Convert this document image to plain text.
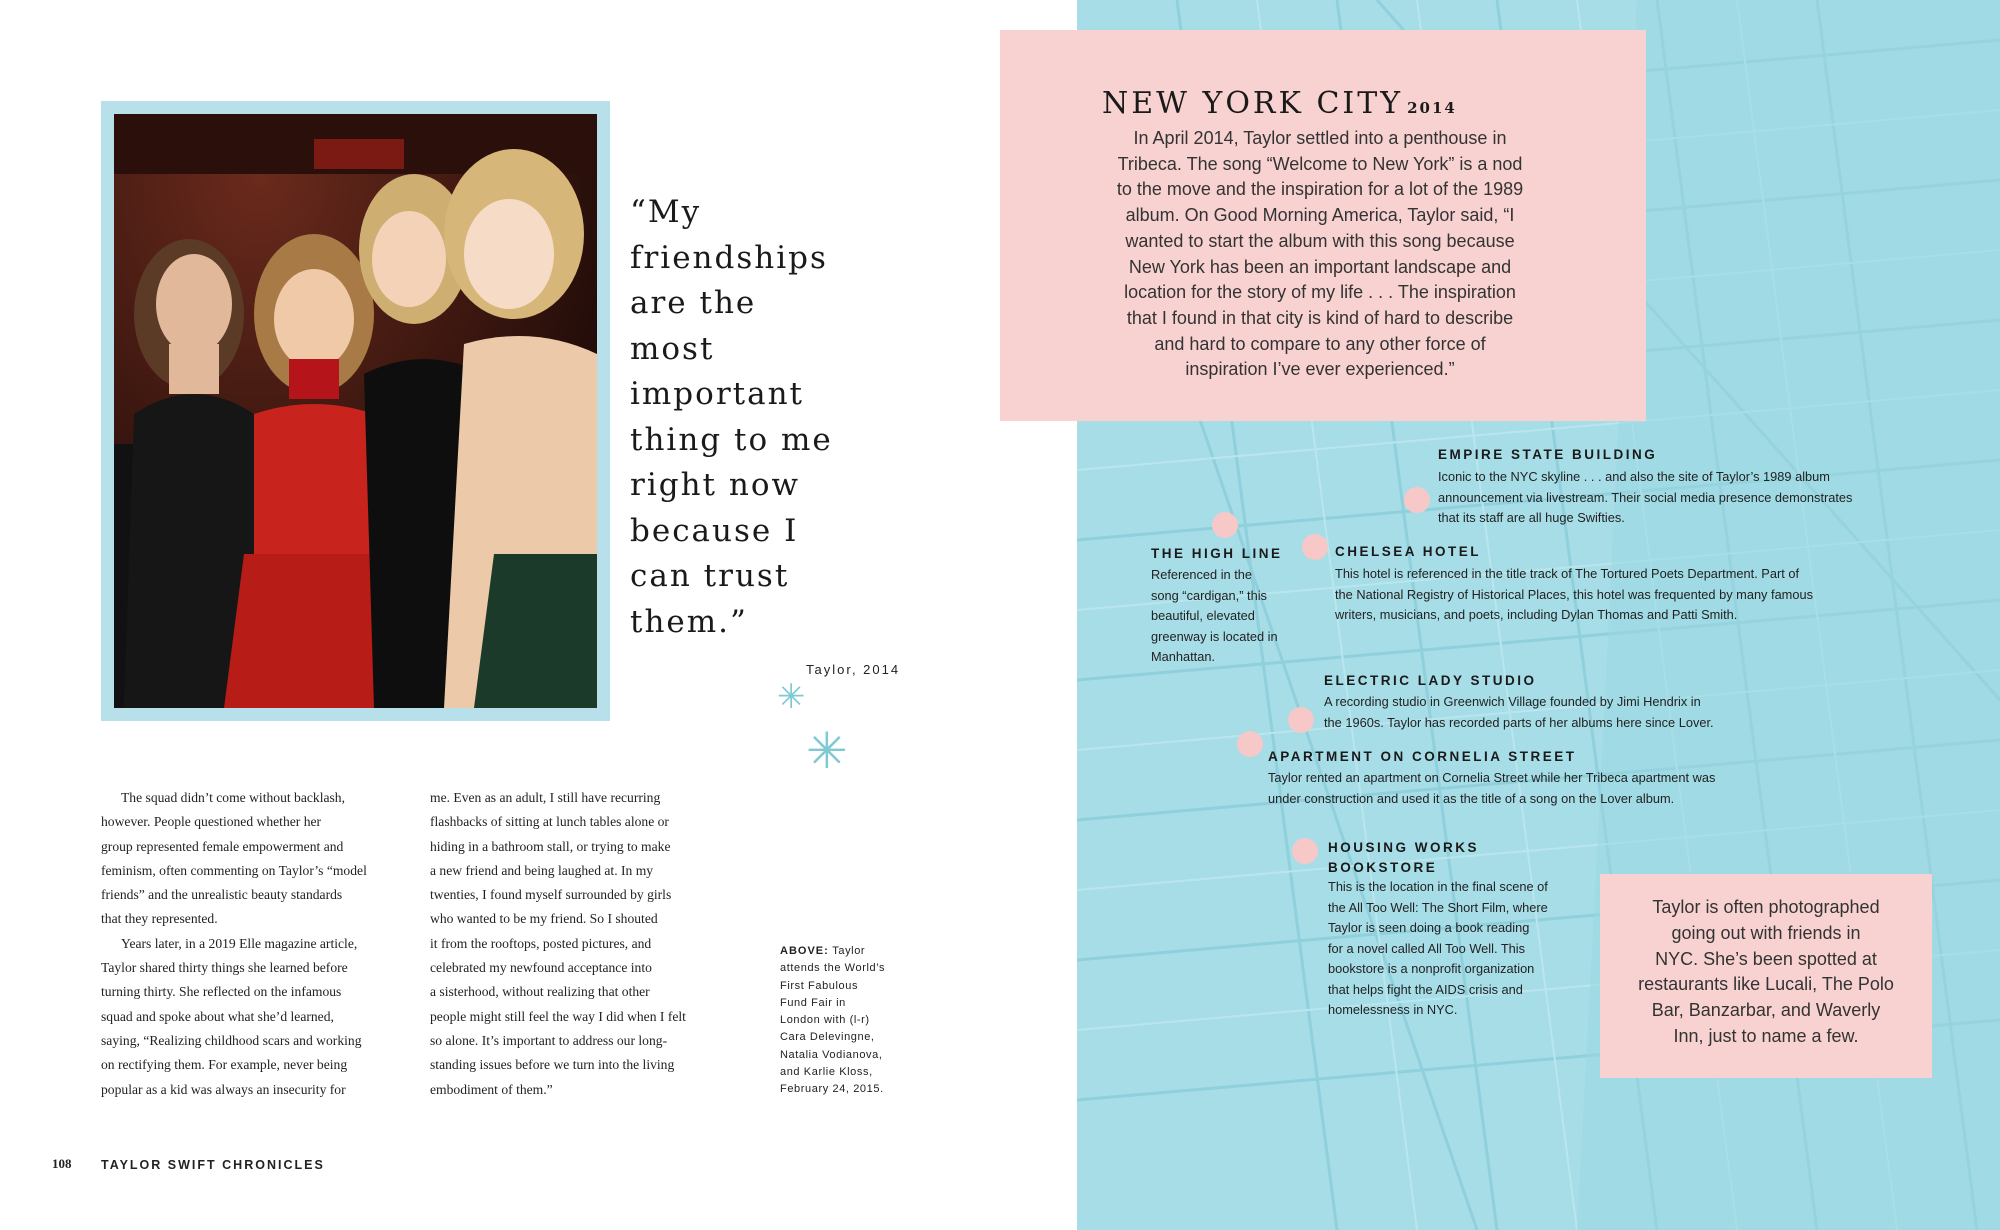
“My
friendships
are the
most
important
thing to me
right now
because I
can trust
them.”
Taylor, 2014
✳
✳

The squad didn’t come without backlash,

however. People questioned whether her

group represented female empowerment and

feminism, often commenting on Taylor’s “model

friends” and the unrealistic beauty standards

that they represented.

Years later, in a 2019 Elle magazine article,

Taylor shared thirty things she learned before

turning thirty. She reflected on the infamous

squad and spoke about what she’d learned,

saying, “Realizing childhood scars and working

on rectifying them. For example, never being

popular as a kid was always an insecurity for

me. Even as an adult, I still have recurring

flashbacks of sitting at lunch tables alone or

hiding in a bathroom stall, or trying to make

a new friend and being laughed at. In my

twenties, I found myself surrounded by girls

who wanted to be my friend. So I shouted

it from the rooftops, posted pictures, and

celebrated my newfound acceptance into

a sisterhood, without realizing that other

people might still feel the way I did when I felt

so alone. It’s important to address our long-

standing issues before we turn into the living

embodiment of them.”

ABOVE: Taylor
attends the World’s
First Fabulous
Fund Fair in
London with (l-r)
Cara Delevingne,
Natalia Vodianova,
and Karlie Kloss,
February 24, 2015.
108 TAYLOR SWIFT CHRONICLES
NEW YORK CITY 2014
In April 2014, Taylor settled into a penthouse in
Tribeca. The song “Welcome to New York” is a nod
to the move and the inspiration for a lot of the 1989
album. On Good Morning America, Taylor said, “I
wanted to start the album with this song because
New York has been an important landscape and
location for the story of my life . . . The inspiration
that I found in that city is kind of hard to describe
and hard to compare to any other force of
inspiration I’ve ever experienced.”
EMPIRE STATE BUILDING
Iconic to the NYC skyline . . . and also the site of Taylor’s 1989 album
announcement via livestream. Their social media presence demonstrates
that its staff are all huge Swifties.
THE HIGH LINE
Referenced in the
song “cardigan,” this
beautiful, elevated
greenway is located in
Manhattan.
CHELSEA HOTEL
This hotel is referenced in the title track of The Tortured Poets Department. Part of
the National Registry of Historical Places, this hotel was frequented by many famous
writers, musicians, and poets, including Dylan Thomas and Patti Smith.
ELECTRIC LADY STUDIO
A recording studio in Greenwich Village founded by Jimi Hendrix in
the 1960s. Taylor has recorded parts of her albums here since Lover.
APARTMENT ON CORNELIA STREET
Taylor rented an apartment on Cornelia Street while her Tribeca apartment was
under construction and used it as the title of a song on the Lover album.
HOUSING WORKS
BOOKSTORE
This is the location in the final scene of
the All Too Well: The Short Film, where
Taylor is seen doing a book reading
for a novel called All Too Well. This
bookstore is a nonprofit organization
that helps fight the AIDS crisis and
homelessness in NYC.
Taylor is often photographed
going out with friends in
NYC. She’s been spotted at
restaurants like Lucali, The Polo
Bar, Banzarbar, and Waverly
Inn, just to name a few.
